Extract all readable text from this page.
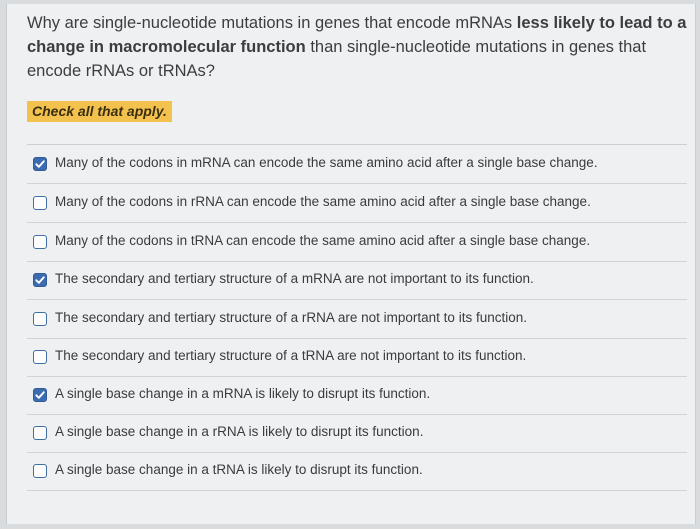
Why are single-nucleotide mutations in genes that encode mRNAs less likely to lead to a change in macromolecular function than single-nucleotide mutations in genes that encode rRNAs or tRNAs?
Check all that apply.
Many of the codons in mRNA can encode the same amino acid after a single base change.
Many of the codons in rRNA can encode the same amino acid after a single base change.
Many of the codons in tRNA can encode the same amino acid after a single base change.
The secondary and tertiary structure of a mRNA are not important to its function.
The secondary and tertiary structure of a rRNA are not important to its function.
The secondary and tertiary structure of a tRNA are not important to its function.
A single base change in a mRNA is likely to disrupt its function.
A single base change in a rRNA is likely to disrupt its function.
A single base change in a tRNA is likely to disrupt its function.
